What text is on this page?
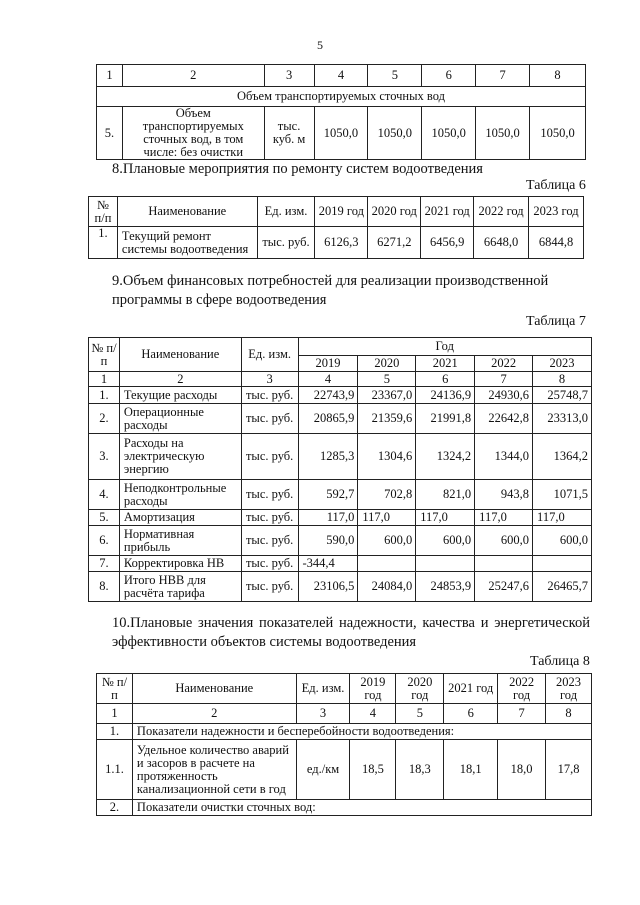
5
1	2	3	4	5	6	7	8
Объем транспортируемых сточных вод							
5.	Объем транспортируемых сточных вод, в том числе: без очистки	тыс. куб. м	1050,0	1050,0	1050,0	1050,0	1050,0
8.Плановые мероприятия по ремонту систем водоотведения
Таблица 6
№ п/п	Наименование	Ед. изм.	2019 год	2020 год	2021 год	2022 год	2023 год
1.	Текущий ремонт системы водоотведения	тыс. руб.	6126,3	6271,2	6456,9	6648,0	6844,8
9.Объем финансовых потребностей для реализации производственной программы в сфере водоотведения
Таблица 7
№ п/п	Наименование	Ед. изм.	Год				
			2019	2020	2021	2022	2023
1	2	3	4	5	6	7	8
1.	Текущие расходы	тыс. руб.	22743,9	23367,0	24136,9	24930,6	25748,7
2.	Операционные расходы	тыс. руб.	20865,9	21359,6	21991,8	22642,8	23313,0
3.	Расходы на электрическую энергию	тыс. руб.	1285,3	1304,6	1324,2	1344,0	1364,2
4.	Неподконтрольные расходы	тыс. руб.	592,7	702,8	821,0	943,8	1071,5
5.	Амортизация	тыс. руб.	117,0	117,0	117,0	117,0	117,0
6.	Нормативная прибыль	тыс. руб.	590,0	600,0	600,0	600,0	600,0
7.	Корректировка НВ	тыс. руб.	-344,4				
8.	Итого НВВ для расчёта тарифа	тыс. руб.	23106,5	24084,0	24853,9	25247,6	26465,7
10.Плановые значения показателей надежности, качества и энергетической эффективности объектов системы водоотведения
Таблица 8
№ п/п	Наименование	Ед. изм.	2019 год	2020 год	2021 год	2022 год	2023 год
1	2	3	4	5	6	7	8
1.	Показатели надежности и бесперебойности водоотведения:						
1.1.	Удельное количество аварий и засоров в расчете на протяженность канализационной сети в год	ед./км	18,5	18,3	18,1	18,0	17,8
2.	Показатели очистки сточных вод:						
